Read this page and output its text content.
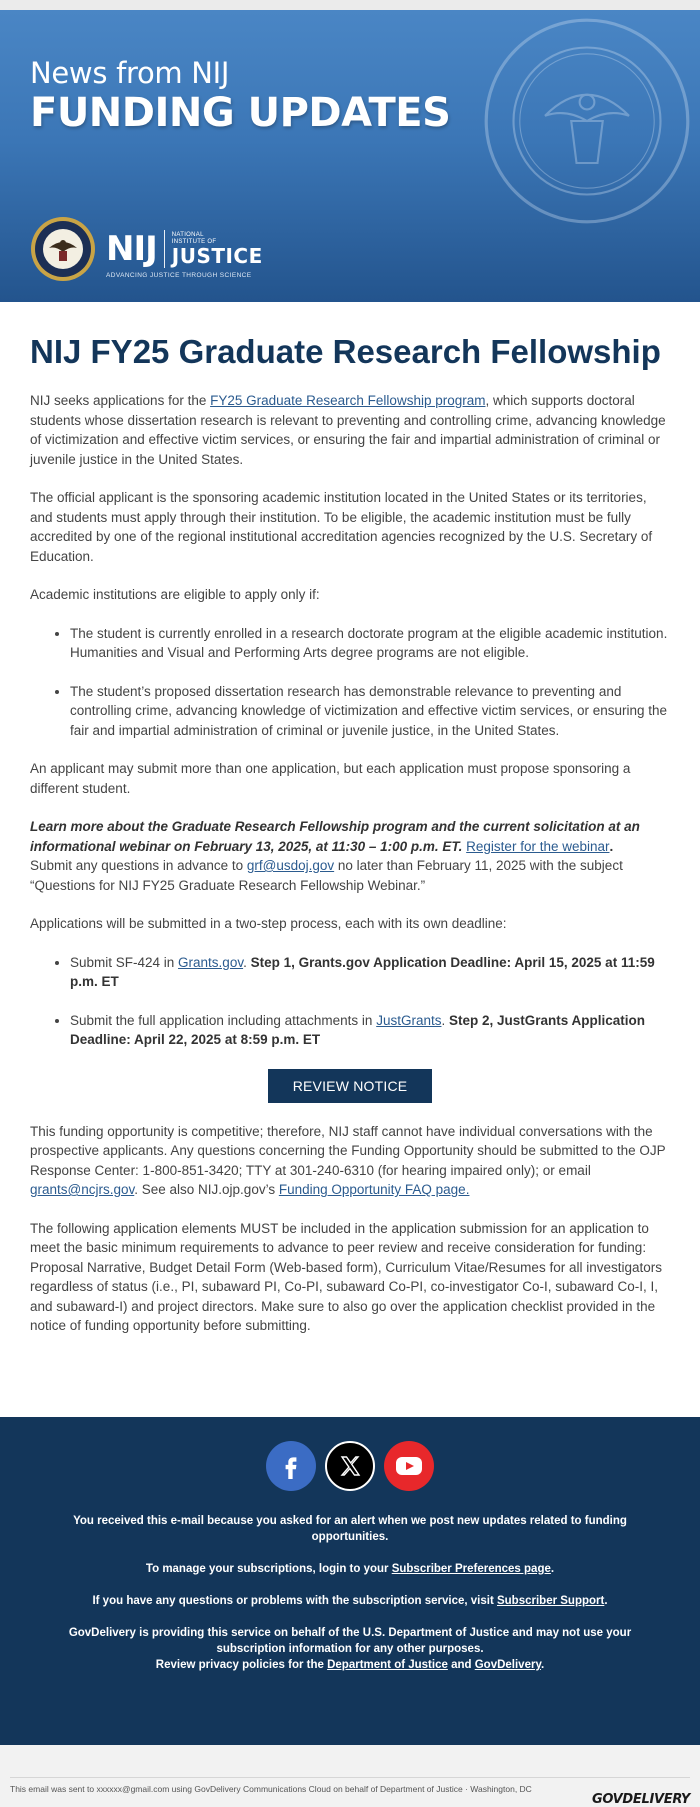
News from NIJ
FUNDING UPDATES
NIJ	NATIONAL
INSTITUTE OF
JUSTICE
ADVANCING JUSTICE THROUGH SCIENCE
NIJ FY25 Graduate Research Fellowship

NIJ seeks applications for the FY25 Graduate Research Fellowship program, which supports doctoral students whose dissertation research is relevant to preventing and controlling crime, advancing knowledge of victimization and effective victim services, or ensuring the fair and impartial administration of criminal or juvenile justice in the United States.

The official applicant is the sponsoring academic institution located in the United States or its territories, and students must apply through their institution. To be eligible, the academic institution must be fully accredited by one of the regional institutional accreditation agencies recognized by the U.S. Secretary of Education.

Academic institutions are eligible to apply only if:

• The student is currently enrolled in a research doctorate program at the eligible academic institution. Humanities and Visual and Performing Arts degree programs are not eligible.
• The student’s proposed dissertation research has demonstrable relevance to preventing and controlling crime, advancing knowledge of victimization and effective victim services, or ensuring the fair and impartial administration of criminal or juvenile justice, in the United States.

An applicant may submit more than one application, but each application must propose sponsoring a different student.

Learn more about the Graduate Research Fellowship program and the current solicitation at an informational webinar on February 13, 2025, at 11:30 – 1:00 p.m. ET. Register for the webinar.
Submit any questions in advance to grf@usdoj.gov no later than February 11, 2025 with the subject “Questions for NIJ FY25 Graduate Research Fellowship Webinar.”

Applications will be submitted in a two-step process, each with its own deadline:

• Submit SF-424 in Grants.gov. Step 1, Grants.gov Application Deadline: April 15, 2025 at 11:59 p.m. ET
• Submit the full application including attachments in JustGrants. Step 2, JustGrants Application Deadline: April 22, 2025 at 8:59 p.m. ET
REVIEW NOTICE

This funding opportunity is competitive; therefore, NIJ staff cannot have individual conversations with the prospective applicants. Any questions concerning the Funding Opportunity should be submitted to the OJP Response Center: 1-800-851-3420; TTY at 301-240-6310 (for hearing impaired only); or email grants@ncjrs.gov. See also NIJ.ojp.gov’s Funding Opportunity FAQ page.

The following application elements MUST be included in the application submission for an application to meet the basic minimum requirements to advance to peer review and receive consideration for funding: Proposal Narrative, Budget Detail Form (Web-based form), Curriculum Vitae/Resumes for all investigators regardless of status (i.e., PI, subaward PI, Co-PI, subaward Co-PI, co-investigator Co-I, subaward Co-I, I, and subaward-I) and project directors. Make sure to also go over the application checklist provided in the notice of funding opportunity before submitting.

You received this e-mail because you asked for an alert when we post new updates related to funding opportunities.

To manage your subscriptions, login to your Subscriber Preferences page.

If you have any questions or problems with the subscription service, visit Subscriber Support.

GovDelivery is providing this service on behalf of the U.S. Department of Justice and may not use your subscription information for any other purposes.
Review privacy policies for the Department of Justice and GovDelivery.

This email was sent to xxxxxx@gmail.com using GovDelivery Communications Cloud on behalf of Department of Justice · Washington, DC
GOVDELIVERY
